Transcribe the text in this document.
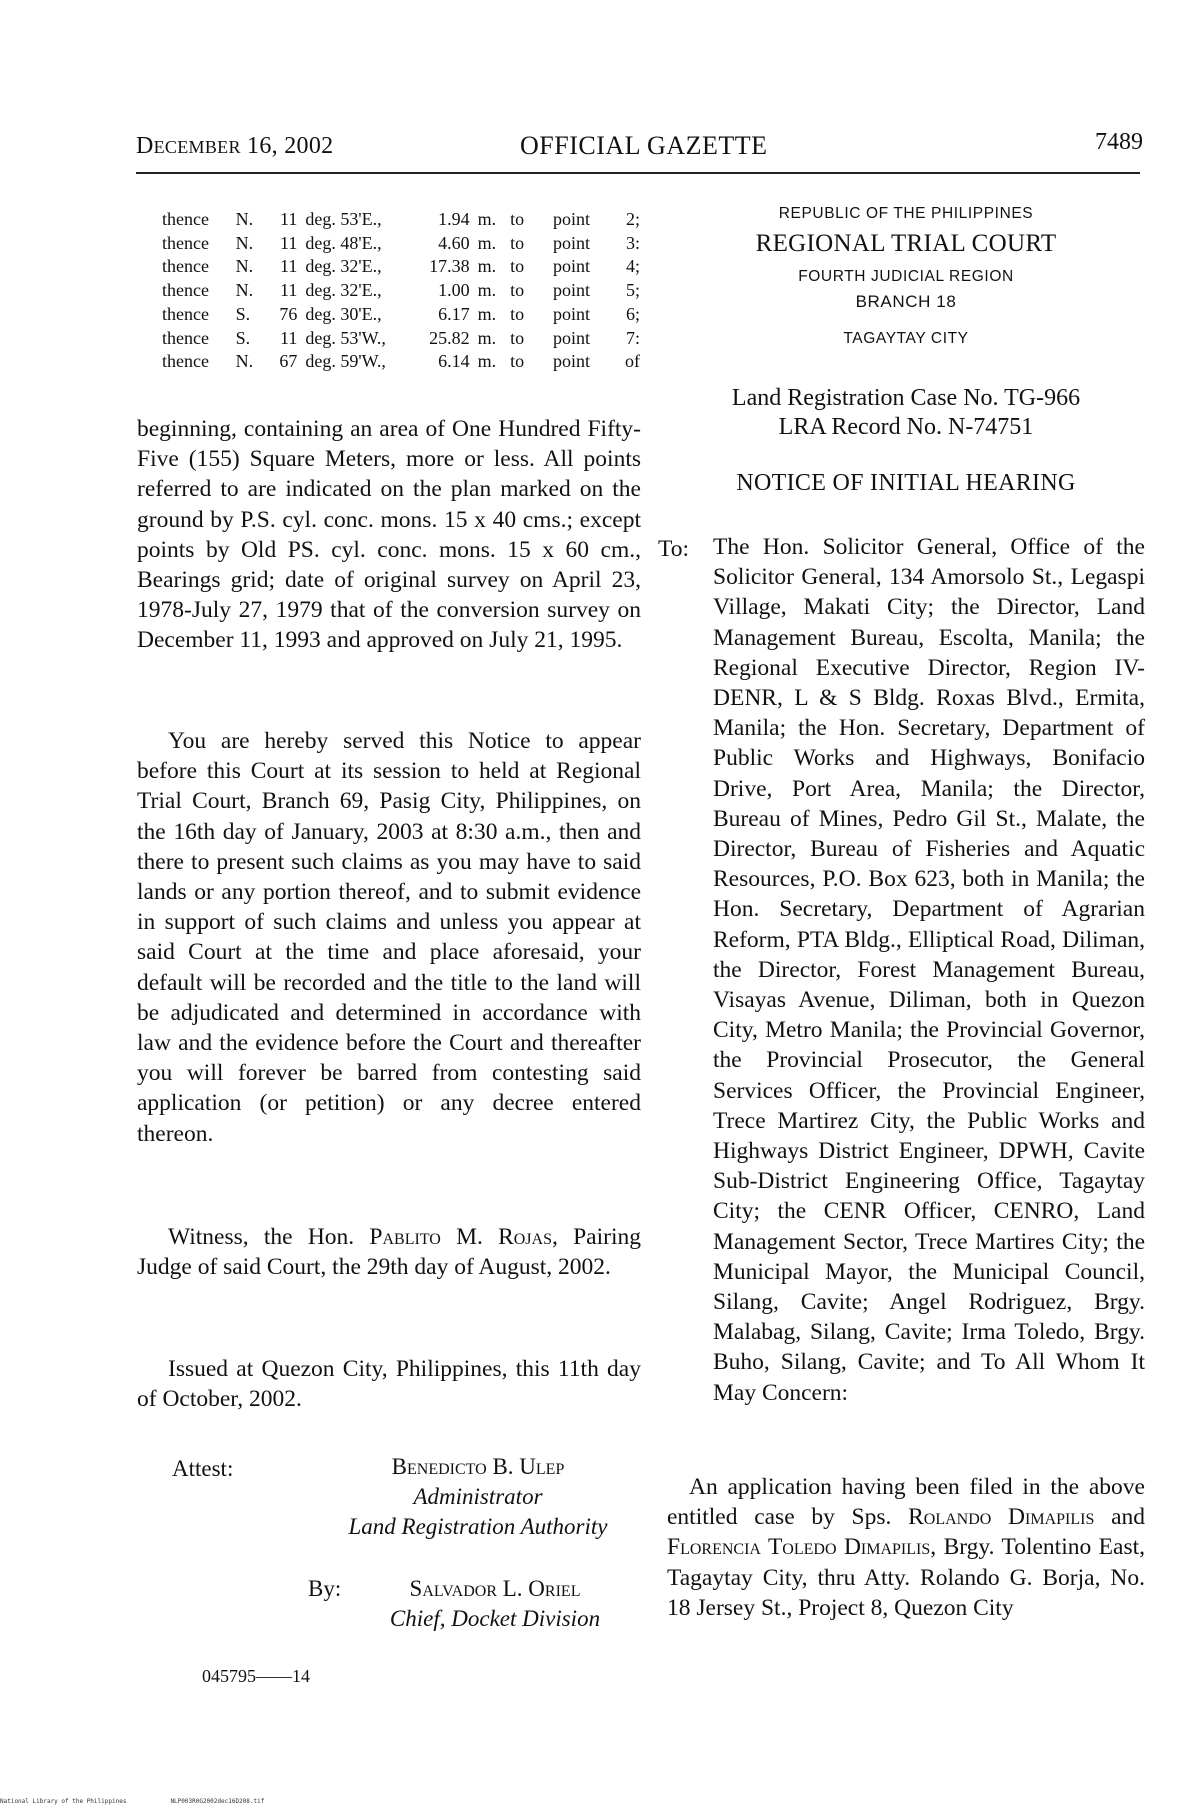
DECEMBER 16, 2002	OFFICIAL GAZETTE	7489
thence	N.	11	deg. 53'E.,	1.94	m. to	point	2;
thence	N.	11	deg. 48'E.,	4.60	m. to	point	3:
thence	N.	11	deg. 32'E.,	17.38	m. to	point	4;
thence	N.	11	deg. 32'E.,	1.00	m. to	point	5;
thence	S.	76	deg. 30'E.,	6.17	m. to	point	6;
thence	S.	11	deg. 53'W.,	25.82	m. to	point	7:
thence	N.	67	deg. 59'W.,	6.14	m. to	point	of

beginning, containing an area of One Hundred Fifty-Five (155) Square Meters, more or less. All points referred to are indicated on the plan marked on the ground by P.S. cyl. conc. mons. 15 x 40 cms.; except points by Old PS. cyl. conc. mons. 15 x 60 cm., Bearings grid; date of original survey on April 23, 1978-July 27, 1979 that of the conversion survey on December 11, 1993 and approved on July 21, 1995.

You are hereby served this Notice to appear before this Court at its session to held at Regional Trial Court, Branch 69, Pasig City, Philippines, on the 16th day of January, 2003 at 8:30 a.m., then and there to present such claims as you may have to said lands or any portion thereof, and to submit evidence in support of such claims and unless you appear at said Court at the time and place aforesaid, your default will be recorded and the title to the land will be adjudicated and determined in accordance with law and the evidence before the Court and thereafter you will forever be barred from contesting said application (or petition) or any decree entered thereon.

Witness, the Hon. Pablito M. Rojas, Pairing Judge of said Court, the 29th day of August, 2002.

Issued at Quezon City, Philippines, this 11th day of October, 2002.

Attest:	Benedicto B. Ulep
Administrator
Land Registration Authority
By:	Salvador L. Oriel
Chief, Docket Division
045795——14
REPUBLIC OF THE PHILIPPINES
REGIONAL TRIAL COURT
FOURTH JUDICIAL REGION
BRANCH 18
TAGAYTAY CITY
Land Registration Case No. TG-966
LRA Record No. N-74751
NOTICE OF INITIAL HEARING
To: The Hon. Solicitor General, Office of the Solicitor General, 134 Amorsolo St., Legaspi Village, Makati City; the Director, Land Management Bureau, Escolta, Manila; the Regional Executive Director, Region IV-DENR, L & S Bldg. Roxas Blvd., Ermita, Manila; the Hon. Secretary, Department of Public Works and Highways, Bonifacio Drive, Port Area, Manila; the Director, Bureau of Mines, Pedro Gil St., Malate, the Director, Bureau of Fisheries and Aquatic Resources, P.O. Box 623, both in Manila; the Hon. Secretary, Department of Agrarian Reform, PTA Bldg., Elliptical Road, Diliman, the Director, Forest Management Bureau, Visayas Avenue, Diliman, both in Quezon City, Metro Manila; the Provincial Governor, the Provincial Prosecutor, the General Services Officer, the Provincial Engineer, Trece Martirez City, the Public Works and Highways District Engineer, DPWH, Cavite Sub-District Engineering Office, Tagaytay City; the CENR Officer, CENRO, Land Management Sector, Trece Martires City; the Municipal Mayor, the Municipal Council, Silang, Cavite; Angel Rodriguez, Brgy. Malabag, Silang, Cavite; Irma Toledo, Brgy. Buho, Silang, Cavite; and To All Whom It May Concern:

An application having been filed in the above entitled case by Sps. Rolando Dimapilis and Florencia Toledo Dimapilis, Brgy. Tolentino East, Tagaytay City, thru Atty. Rolando G. Borja, No. 18 Jersey St., Project 8, Quezon City

National Library of the Philippines	NLP003R0G2002dec16D208.tif
